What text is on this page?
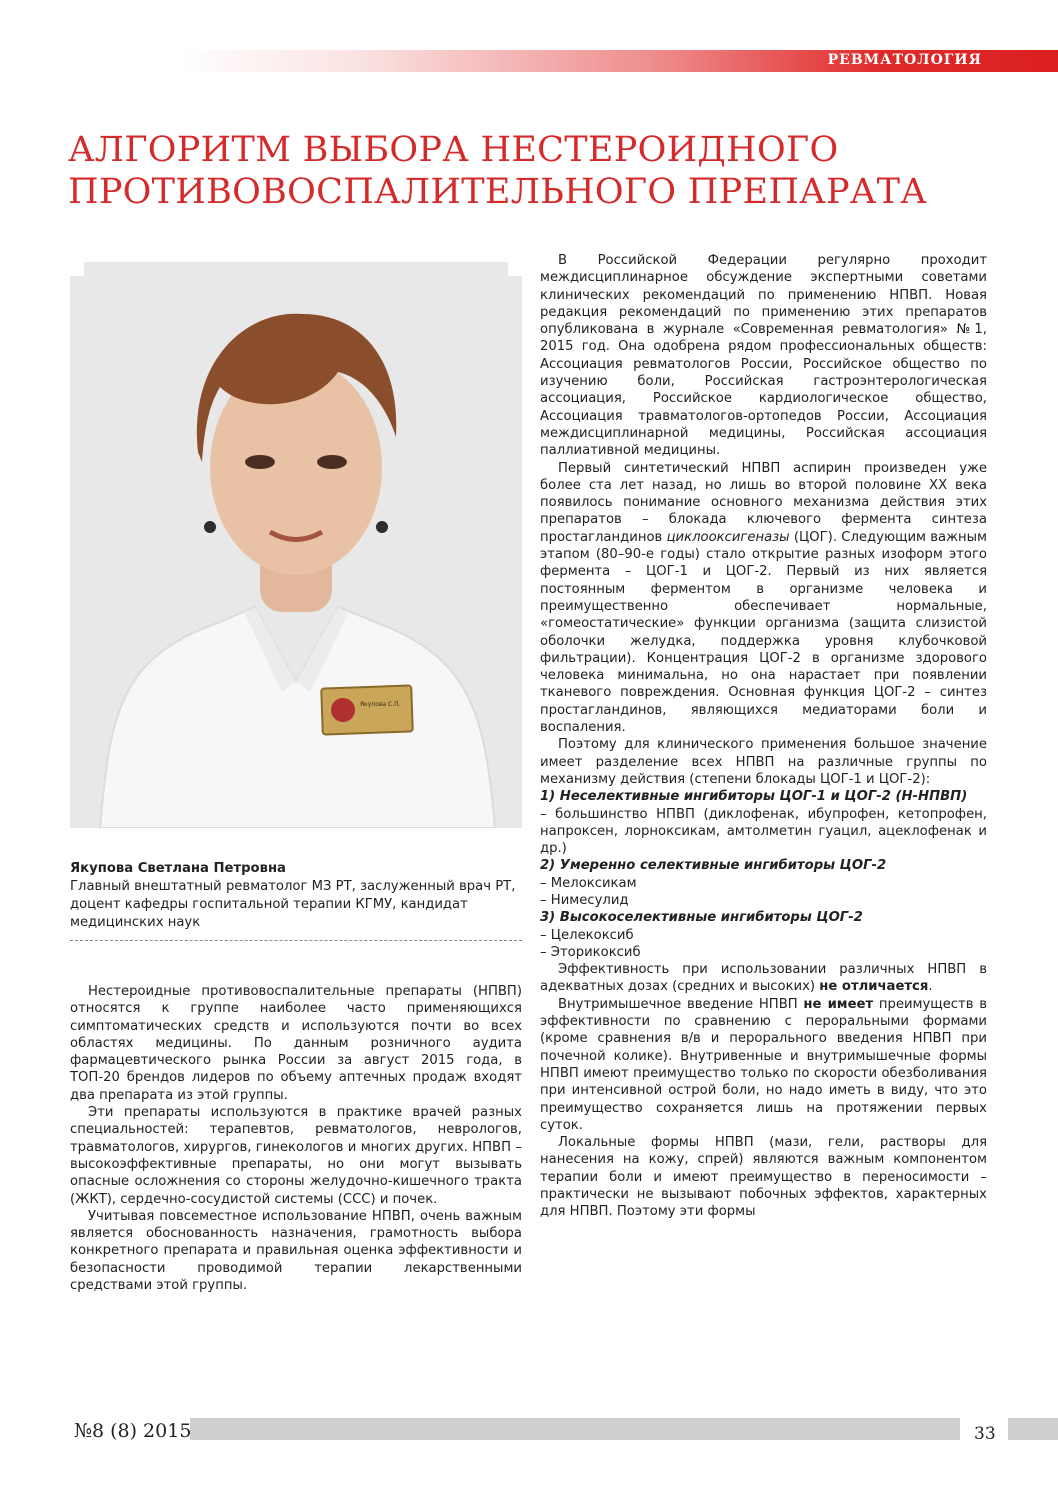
РЕВМАТОЛОГИЯ
АЛГОРИТМ ВЫБОРА НЕСТЕРОИДНОГО
ПРОТИВОВОСПАЛИТЕЛЬНОГО ПРЕПАРАТА
Якупова С.П.
Якупова Светлана Петровна
Главный внештатный ревматолог МЗ РТ, заслуженный врач РТ, доцент кафедры госпитальной терапии КГМУ, кандидат медицинских наук

Нестероидные противовоспалительные препараты (НПВП) относятся к группе наиболее часто применяющихся симптоматических средств и используются почти во всех областях медицины. По данным розничного аудита фармацевтического рынка России за август 2015 года, в ТОП-20 брендов лидеров по объему аптечных продаж входят два препарата из этой группы.

Эти препараты используются в практике врачей разных специальностей: терапевтов, ревматологов, неврологов, травматологов, хирургов, гинекологов и многих других. НПВП – высокоэффективные препараты, но они могут вызывать опасные осложнения со стороны желудочно-кишечного тракта (ЖКТ), сердечно-сосудистой системы (ССС) и почек.

Учитывая повсеместное использование НПВП, очень важным является обоснованность назначения, грамотность выбора конкретного препарата и правильная оценка эффективности и безопасности проводимой терапии лекарственными средствами этой группы.

В Российской Федерации регулярно проходит междисциплинарное обсуждение экспертными советами клинических рекомендаций по применению НПВП. Новая редакция рекомендаций по применению этих препаратов опубликована в журнале «Современная ревматология» №1, 2015 год. Она одобрена рядом профессиональных обществ: Ассоциация ревматологов России, Российское общество по изучению боли, Российская гастроэнтерологическая ассоциация, Российское кардиологическое общество, Ассоциация травматологов-ортопедов России, Ассоциация междисциплинарной медицины, Российская ассоциация паллиативной медицины.

Первый синтетический НПВП аспирин произведен уже более ста лет назад, но лишь во второй половине XX века появилось понимание основного механизма действия этих препаратов – блокада ключевого фермента синтеза простагландинов циклооксигеназы (ЦОГ). Следующим важным этапом (80–90-е годы) стало открытие разных изоформ этого фермента – ЦОГ-1 и ЦОГ-2. Первый из них является постоянным ферментом в организме человека и преимущественно обеспечивает нормальные, «гомеостатические» функции организма (защита слизистой оболочки желудка, поддержка уровня клубочковой фильтрации). Концентрация ЦОГ-2 в организме здорового человека минимальна, но она нарастает при появлении тканевого повреждения. Основная функция ЦОГ-2 – синтез простагландинов, являющихся медиаторами боли и воспаления.

Поэтому для клинического применения большое значение имеет разделение всех НПВП на различные группы по механизму действия (степени блокады ЦОГ-1 и ЦОГ-2):

1) Неселективные ингибиторы ЦОГ-1 и ЦОГ-2 (Н-НПВП)

– большинство НПВП (диклофенак, ибупрофен, кетопрофен, напроксен, лорноксикам, амтолметин гуацил, ацеклофенак и др.)

2) Умеренно селективные ингибиторы ЦОГ-2

– Мелоксикам

– Нимесулид

3) Высокоселективные ингибиторы ЦОГ-2

– Целекоксиб

– Эторикоксиб

Эффективность при использовании различных НПВП в адекватных дозах (средних и высоких) не отличается.

Внутримышечное введение НПВП не имеет преимуществ в эффективности по сравнению с пероральными формами (кроме сравнения в/в и перорального введения НПВП при почечной колике). Внутривенные и внутримышечные формы НПВП имеют преимущество только по скорости обезболивания при интенсивной острой боли, но надо иметь в виду, что это преимущество сохраняется лишь на протяжении первых суток.

Локальные формы НПВП (мази, гели, растворы для нанесения на кожу, спрей) являются важным компонентом терапии боли и имеют преимущество в переносимости – практически не вызывают побочных эффектов, характерных для НПВП. Поэтому эти формы

№8 (8) 2015	33
